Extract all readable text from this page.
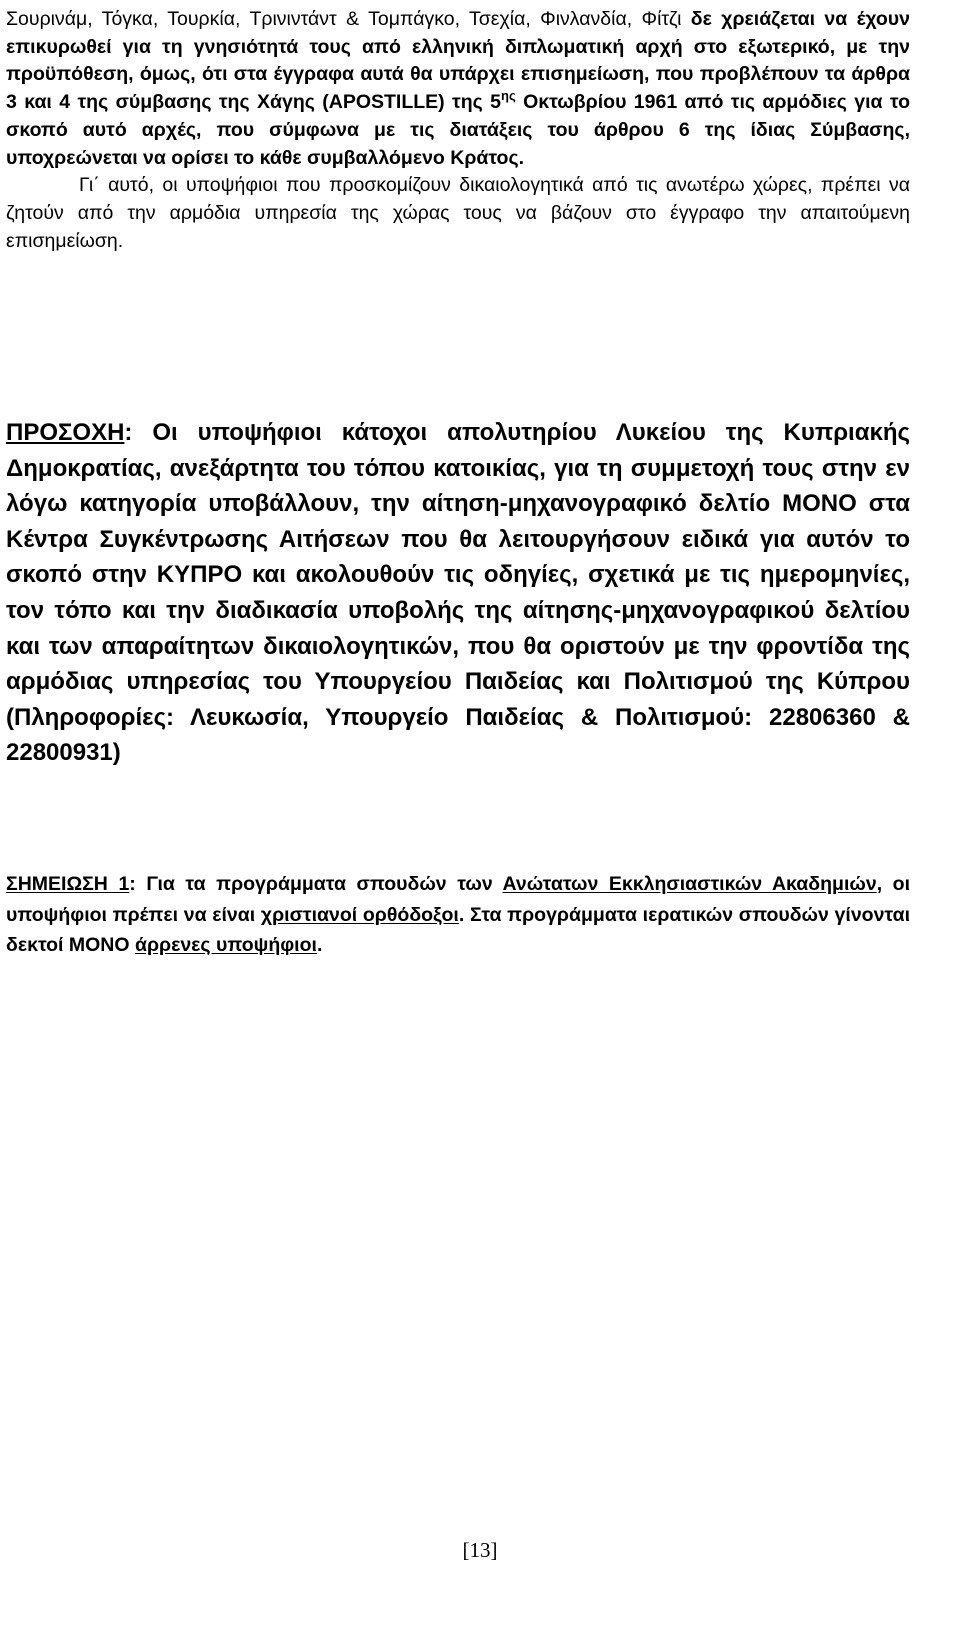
Σουρινάμ, Τόγκα, Τουρκία, Τρινιντάντ & Τομπάγκο, Τσεχία, Φινλανδία, Φίτζι δε χρειάζεται να έχουν επικυρωθεί για τη γνησιότητά τους από ελληνική διπλωματική αρχή στο εξωτερικό, με την προϋπόθεση, όμως, ότι στα έγγραφα αυτά θα υπάρχει επισημείωση, που προβλέπουν τα άρθρα 3 και 4 της σύμβασης της Χάγης (APOSTILLE) της $5^{\eta\varsigma}$ Οκτωβρίου 1961 από τις αρμόδιες για το σκοπό αυτό αρχές, που σύμφωνα με τις διατάξεις του άρθρου 6 της ίδιας Σύμβασης, υποχρεώνεται να ορίσει το κάθε συμβαλλόμενο Κράτος.

Γι΄ αυτό, οι υποψήφιοι που προσκομίζουν δικαιολογητικά από τις ανωτέρω χώρες, πρέπει να ζητούν από την αρμόδια υπηρεσία της χώρας τους να βάζουν στο έγγραφο την απαιτούμενη επισημείωση.

ΠΡΟΣΟΧΗ: Οι υποψήφιοι κάτοχοι απολυτηρίου Λυκείου της Κυπριακής Δημοκρατίας, ανεξάρτητα του τόπου κατοικίας, για τη συμμετοχή τους στην εν λόγω κατηγορία υποβάλλουν, την αίτηση-μηχανογραφικό δελτίο ΜΟΝΟ στα Κέντρα Συγκέντρωσης Αιτήσεων που θα λειτουργήσουν ειδικά για αυτόν το σκοπό στην ΚΥΠΡΟ και ακολουθούν τις οδηγίες, σχετικά με τις ημερομηνίες, τον τόπο και την διαδικασία υποβολής της αίτησης-μηχανογραφικού δελτίου και των απαραίτητων δικαιολογητικών, που θα οριστούν με την φροντίδα της αρμόδιας υπηρεσίας του Υπουργείου Παιδείας και Πολιτισμού της Κύπρου (Πληροφορίες: Λευκωσία, Υπουργείο Παιδείας & Πολιτισμού: 22806360 & 22800931)

ΣΗΜΕΙΩΣΗ 1: Για τα προγράμματα σπουδών των Ανώτατων Εκκλησιαστικών Ακαδημιών, οι υποψήφιοι πρέπει να είναι χριστιανοί ορθόδοξοι. Στα προγράμματα ιερατικών σπουδών γίνονται δεκτοί ΜΟΝΟ άρρενες υποψήφιοι.

[13]
